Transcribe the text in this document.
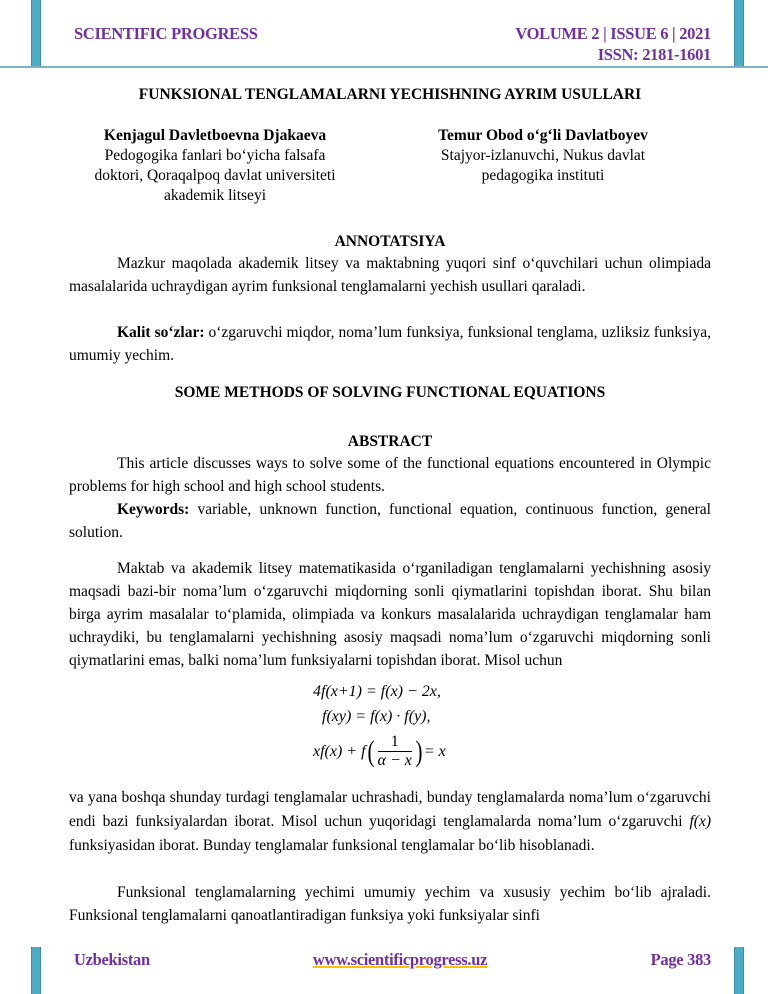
SCIENTIFIC PROGRESS	VOLUME 2 | ISSUE 6 | 2021
ISSN: 2181-1601
FUNKSIONAL TENGLAMALARNI YECHISHNING AYRIM USULLARI
Kenjagul Davletboevna Djakaeva
Pedogogika fanlari bo‘yicha falsafa
doktori, Qoraqalpoq davlat universiteti
akademik litseyi
Temur Obod o‘g‘li Davlatboyev
Stajyor-izlanuvchi, Nukus davlat
pedagogika instituti
ANNOTATSIYA

Mazkur maqolada akademik litsey va maktabning yuqori sinf o‘quvchilari uchun olimpiada masalalarida uchraydigan ayrim funksional tenglamalarni yechish usullari qaraladi.

Kalit so‘zlar: o‘zgaruvchi miqdor, noma’lum funksiya, funksional tenglama, uzliksiz funksiya, umumiy yechim.

SOME METHODS OF SOLVING FUNCTIONAL EQUATIONS
ABSTRACT

This article discusses ways to solve some of the functional equations encountered in Olympic problems for high school and high school students.

Keywords: variable, unknown function, functional equation, continuous function, general solution.

Maktab va akademik litsey matematikasida o‘rganiladigan tenglamalarni yechishning asosiy maqsadi bazi-bir noma’lum o‘zgaruvchi miqdorning sonli qiymatlarini topishdan iborat. Shu bilan birga ayrim masalalar to‘plamida, olimpiada va konkurs masalalarida uchraydigan tenglamalar ham uchraydiki, bu tenglamalarni yechishning asosiy maqsadi noma’lum o‘zgaruvchi miqdorning sonli qiymatlarini emas, balki noma’lum funksiyalarni topishdan iborat. Misol uchun

4f(x+1) = f(x) − 2x,
f(xy) = f(x) · f(y),
xf(x) + f ( $\frac{1}{\alpha - x}$ ) = x

va yana boshqa shunday turdagi tenglamalar uchrashadi, bunday tenglamalarda noma’lum o‘zgaruvchi endi bazi funksiyalardan iborat. Misol uchun yuqoridagi tenglamalarda noma’lum o‘zgaruvchi f(x) funksiyasidan iborat. Bunday tenglamalar funksional tenglamalar bo‘lib hisoblanadi.

Funksional tenglamalarning yechimi umumiy yechim va xususiy yechim bo‘lib ajraladi. Funksional tenglamalarni qanoatlantiradigan funksiya yoki funksiyalar sinfi

Uzbekistan	www.scientificprogress.uz	Page 383
